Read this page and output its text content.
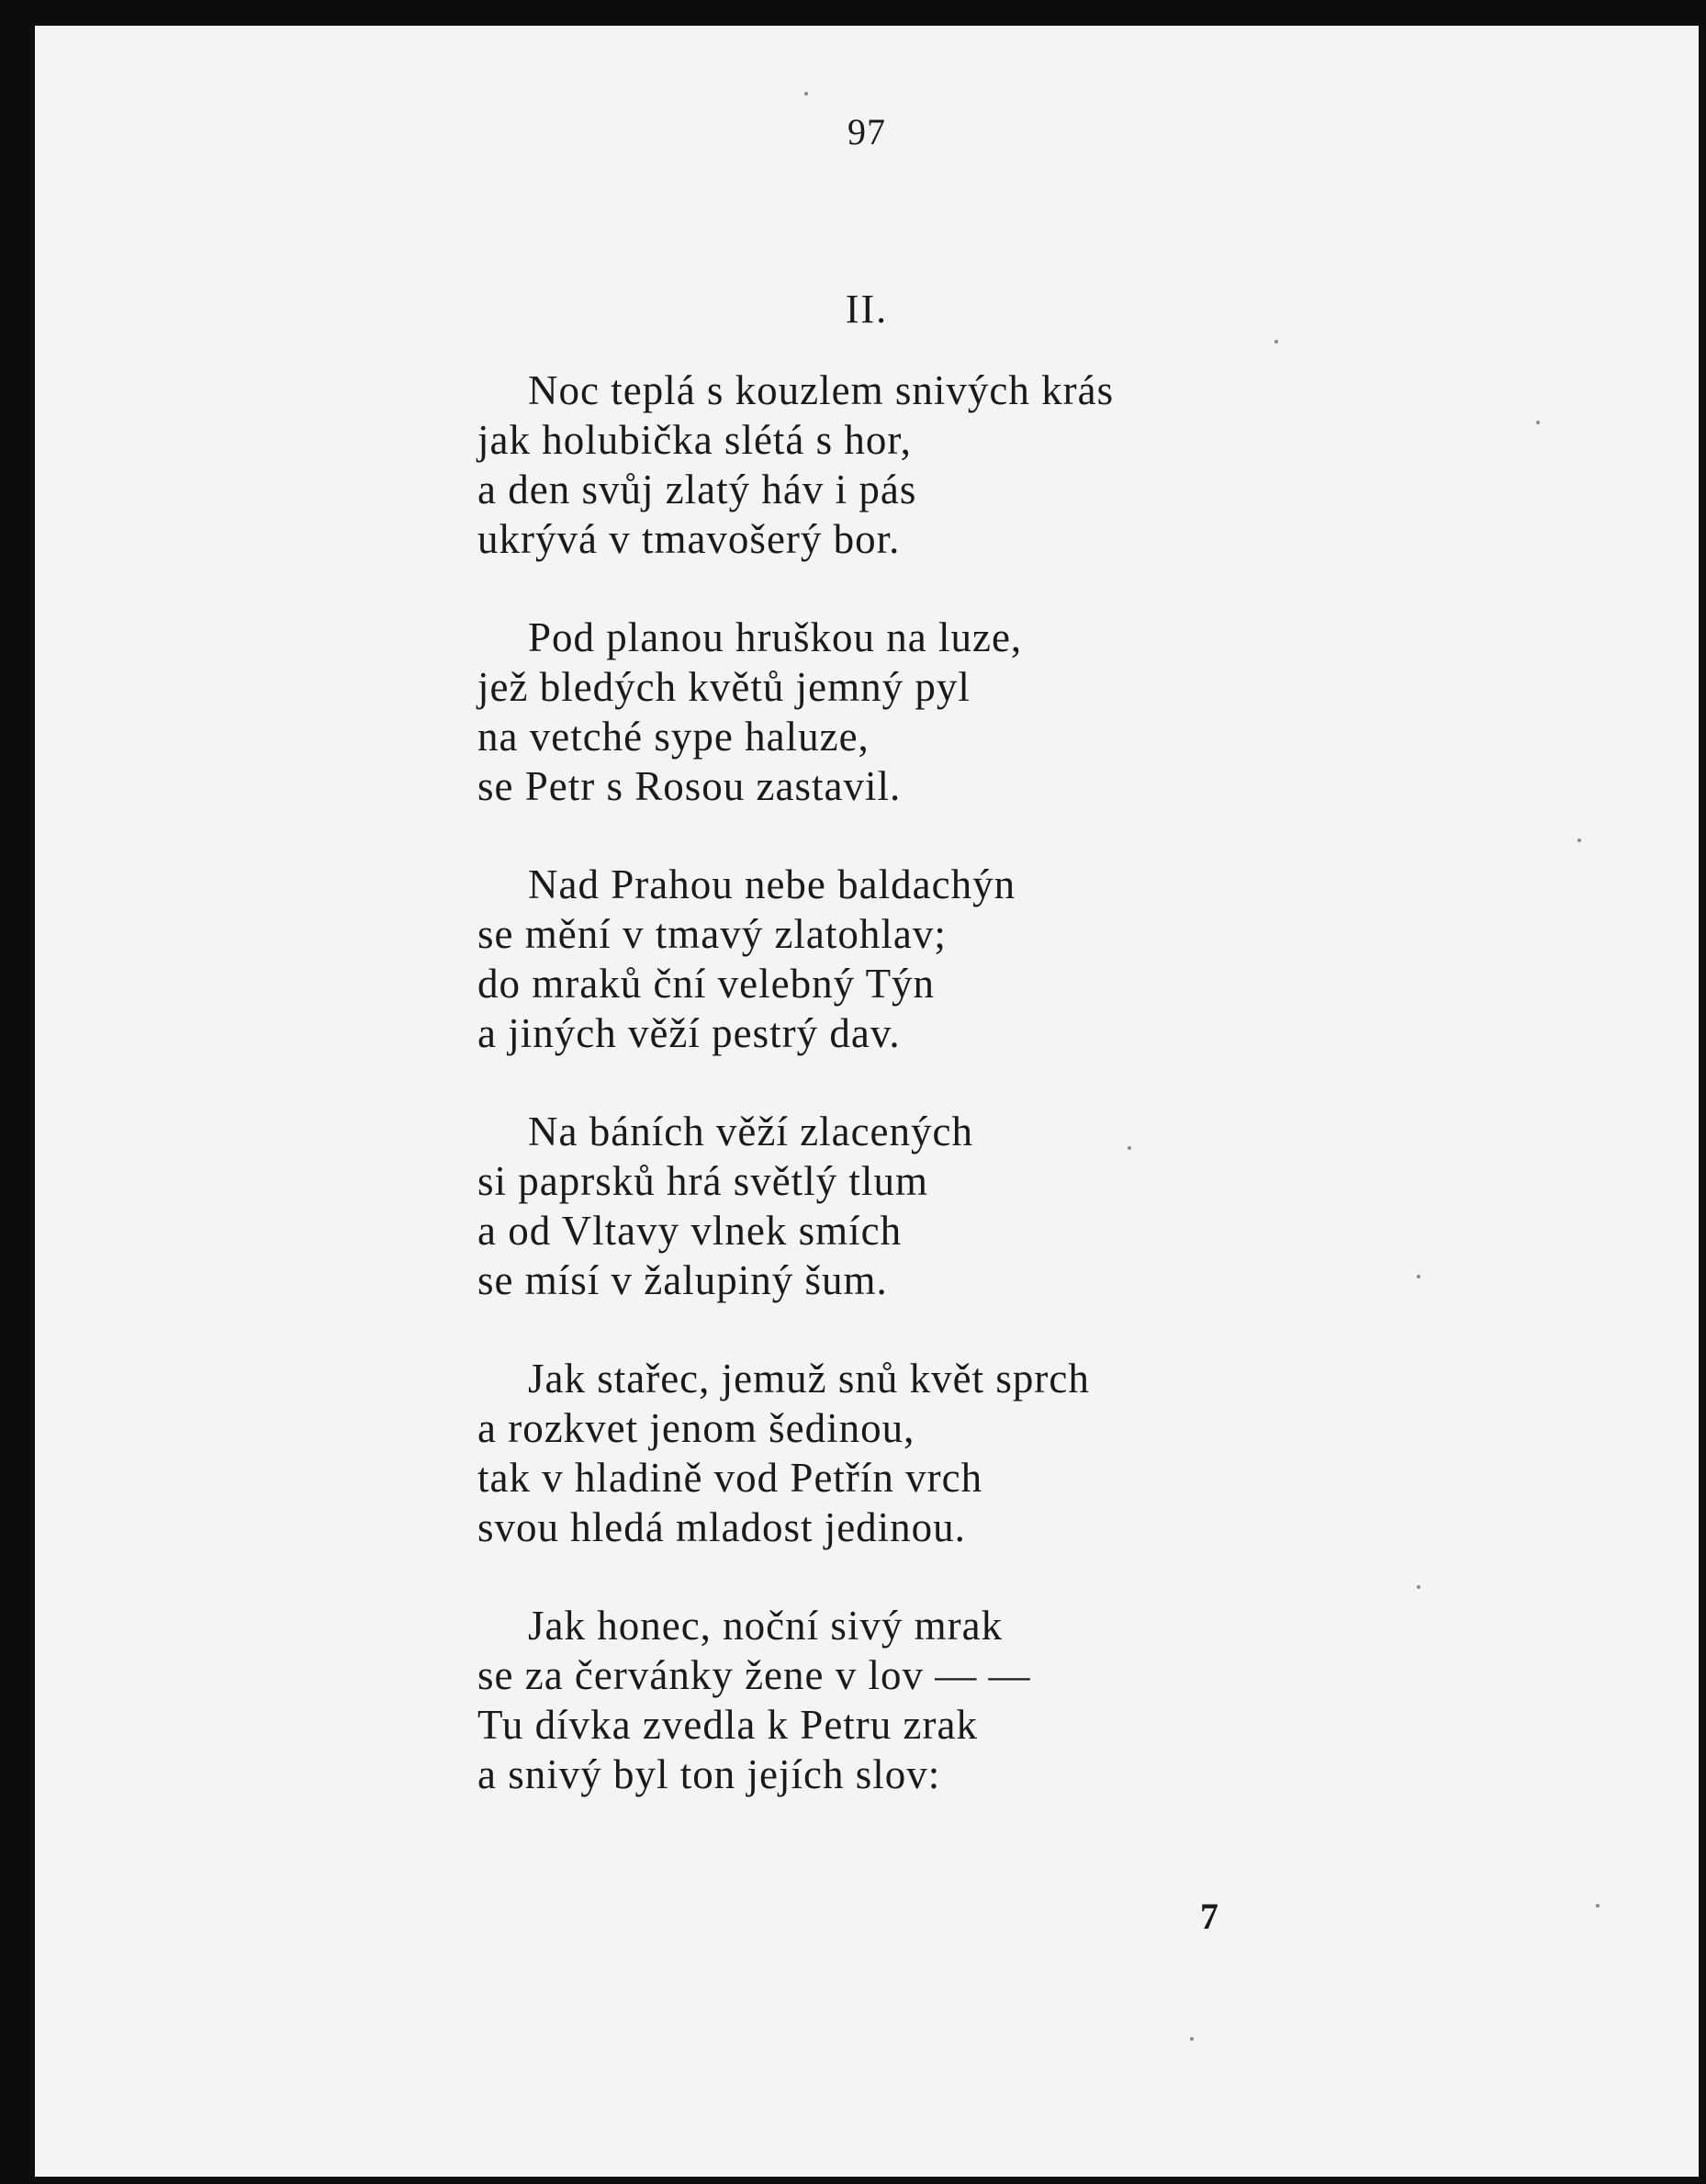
97
II.
Noc teplá s kouzlem snivých krás
jak holubička slétá s hor,
a den svůj zlatý háv i pás
ukrývá v tmavošerý bor.
Pod planou hruškou na luze,
jež bledých květů jemný pyl
na vetché sype haluze,
se Petr s Rosou zastavil.
Nad Prahou nebe baldachýn
se mění v tmavý zlatohlav;
do mraků ční velebný Týn
a jiných věží pestrý dav.
Na báních věží zlacených
si paprsků hrá světlý tlum
a od Vltavy vlnek smích
se mísí v žalupiný šum.
Jak stařec, jemuž snů květ sprch
a rozkvet jenom šedinou,
tak v hladině vod Petřín vrch
svou hledá mladost jedinou.
Jak honec, noční sivý mrak
se za červánky žene v lov — —
Tu dívka zvedla k Petru zrak
a snivý byl ton jejích slov:
7
